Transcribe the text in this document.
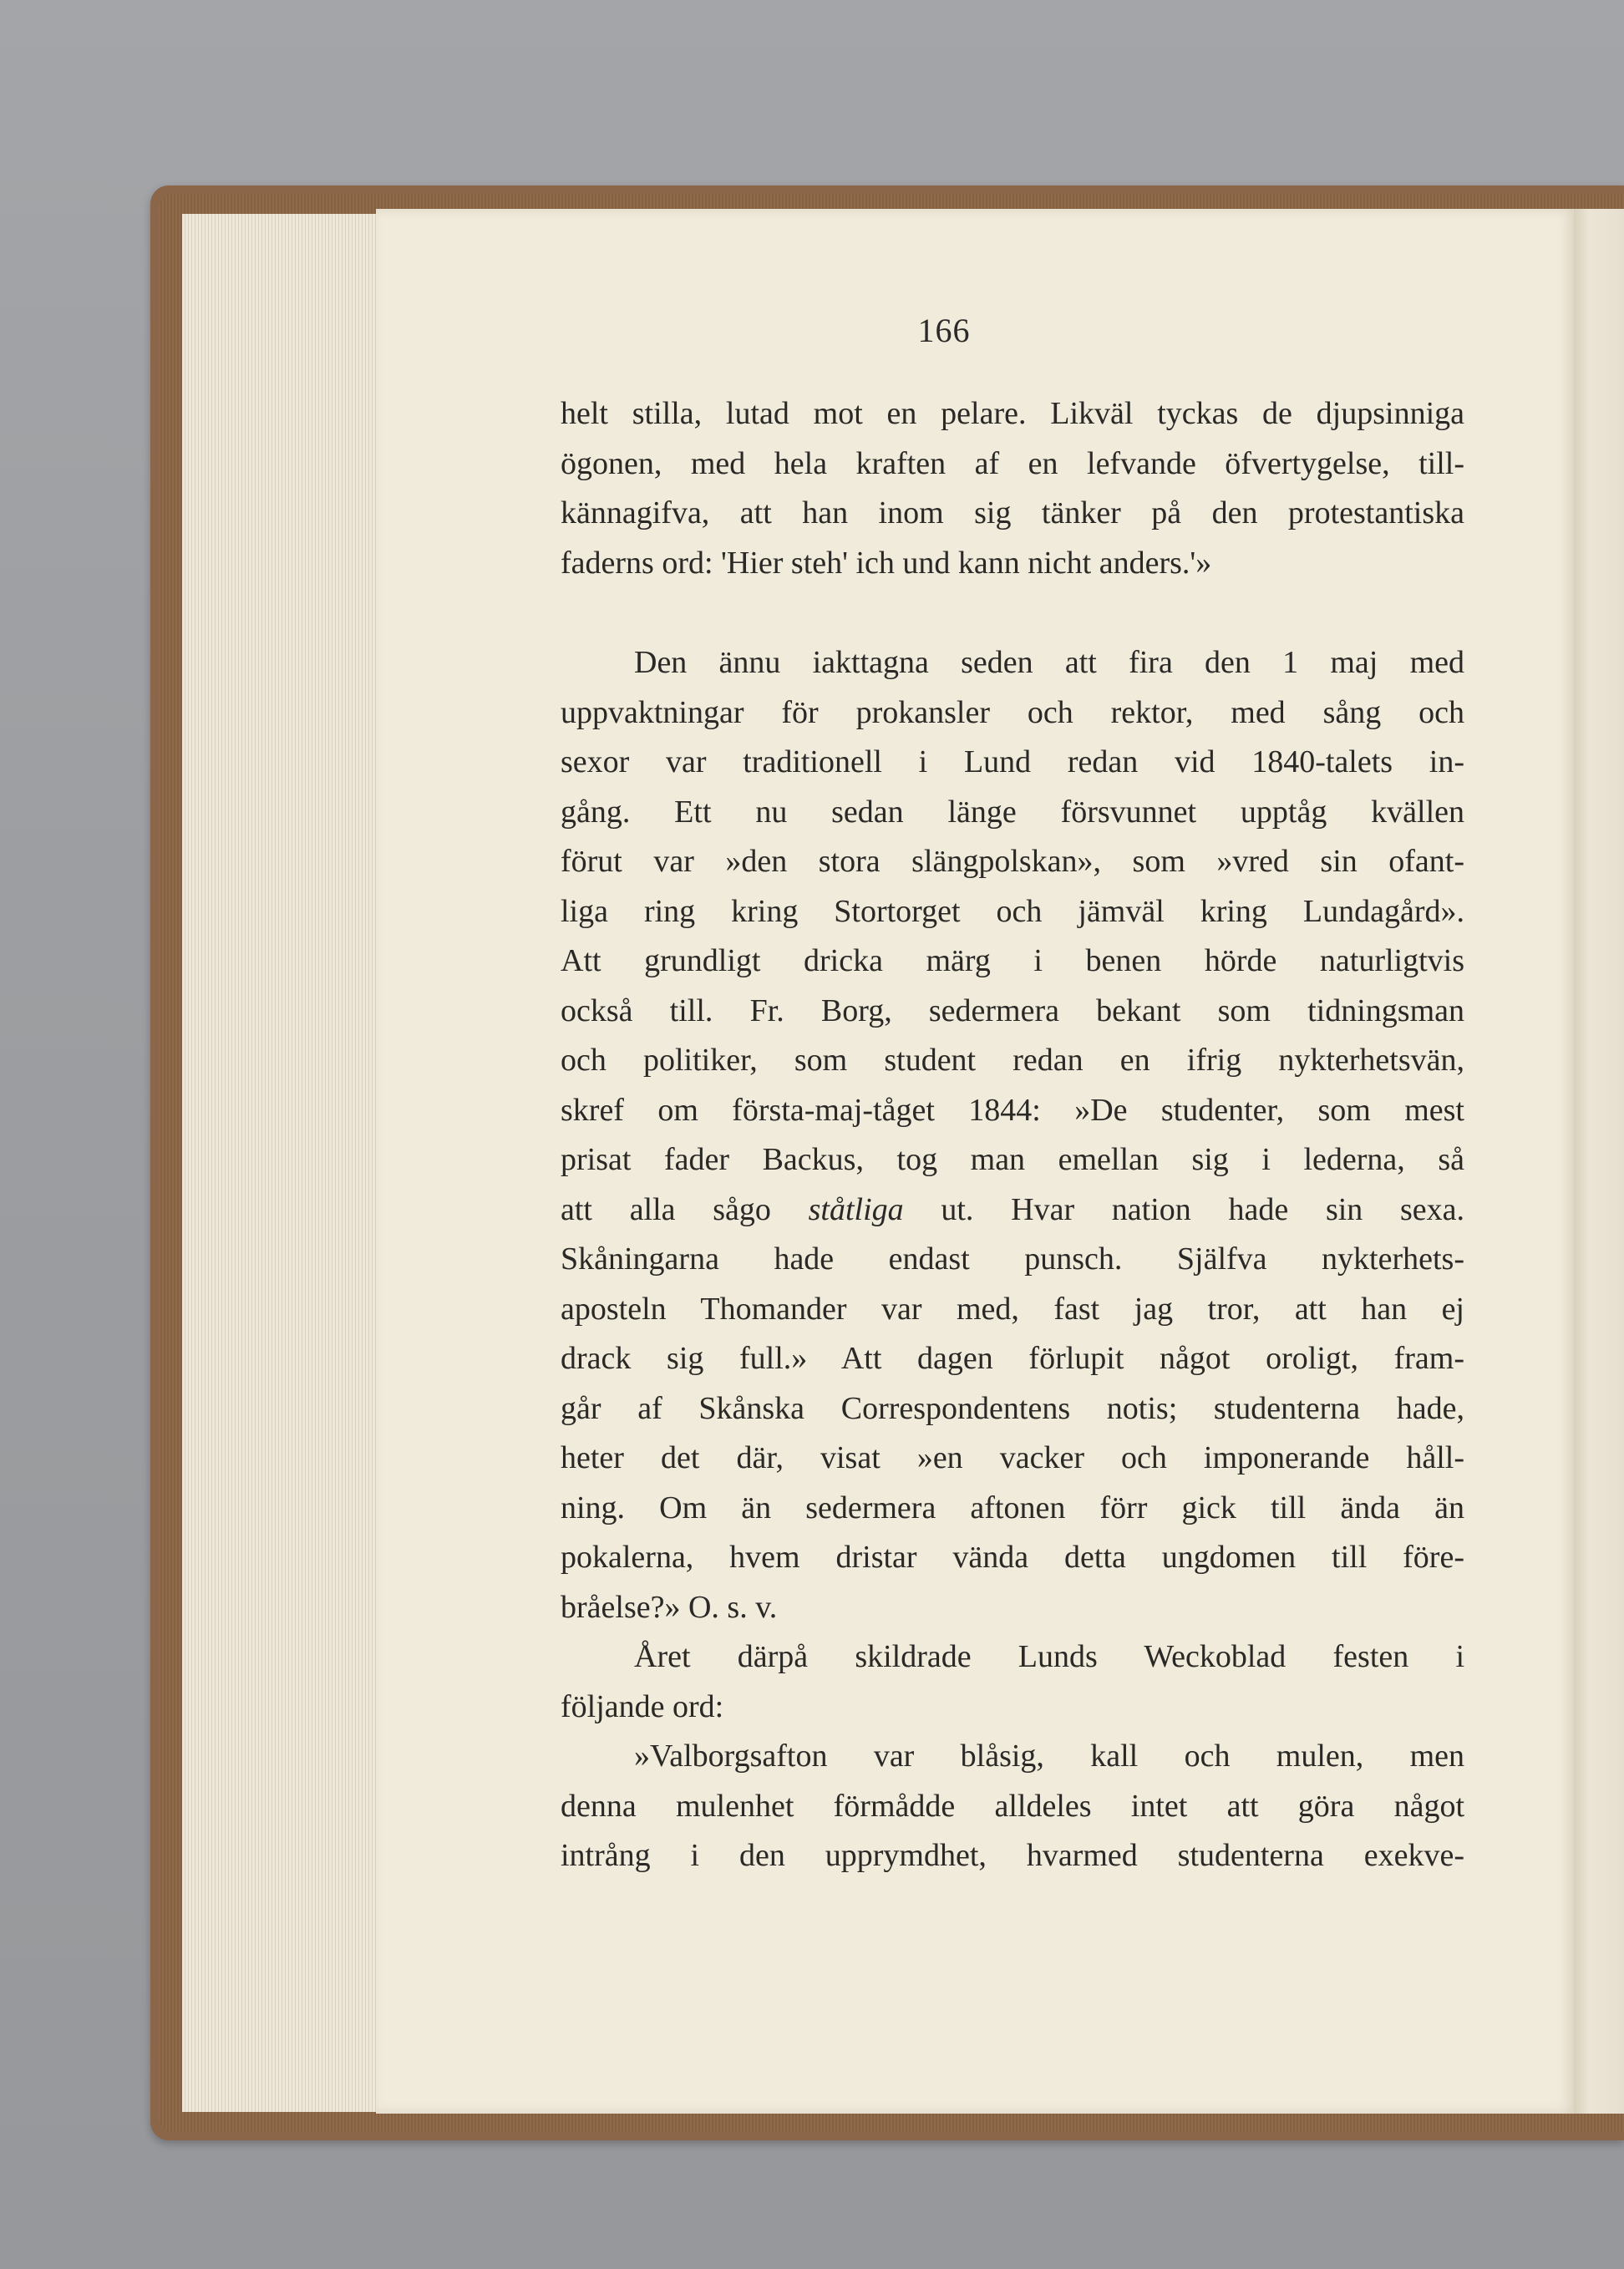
166
helt stilla, lutad mot en pelare. Likväl tyckas de djupsinniga
ögonen, med hela kraften af en lefvande öfvertygelse, till-
kännagifva, att han inom sig tänker på den protestantiska
faderns ord: 'Hier steh' ich und kann nicht anders.'»
Den ännu iakttagna seden att fira den 1 maj med
uppvaktningar för prokansler och rektor, med sång och
sexor var traditionell i Lund redan vid 1840-talets in-
gång. Ett nu sedan länge försvunnet upptåg kvällen
förut var »den stora slängpolskan», som »vred sin ofant-
liga ring kring Stortorget och jämväl kring Lundagård».
Att grundligt dricka märg i benen hörde naturligtvis
också till. Fr. Borg, sedermera bekant som tidningsman
och politiker, som student redan en ifrig nykterhetsvän,
skref om första-maj-tåget 1844: »De studenter, som mest
prisat fader Backus, tog man emellan sig i lederna, så
att alla sågo ståtliga ut. Hvar nation hade sin sexa.
Skåningarna hade endast punsch. Själfva nykterhets-
aposteln Thomander var med, fast jag tror, att han ej
drack sig full.» Att dagen förlupit något oroligt, fram-
går af Skånska Correspondentens notis; studenterna hade,
heter det där, visat »en vacker och imponerande håll-
ning. Om än sedermera aftonen förr gick till ända än
pokalerna, hvem dristar vända detta ungdomen till före-
bråelse?» O. s. v.
Året därpå skildrade Lunds Weckoblad festen i
följande ord:
»Valborgsafton var blåsig, kall och mulen, men
denna mulenhet förmådde alldeles intet att göra något
intrång i den upprymdhet, hvarmed studenterna exekve-
